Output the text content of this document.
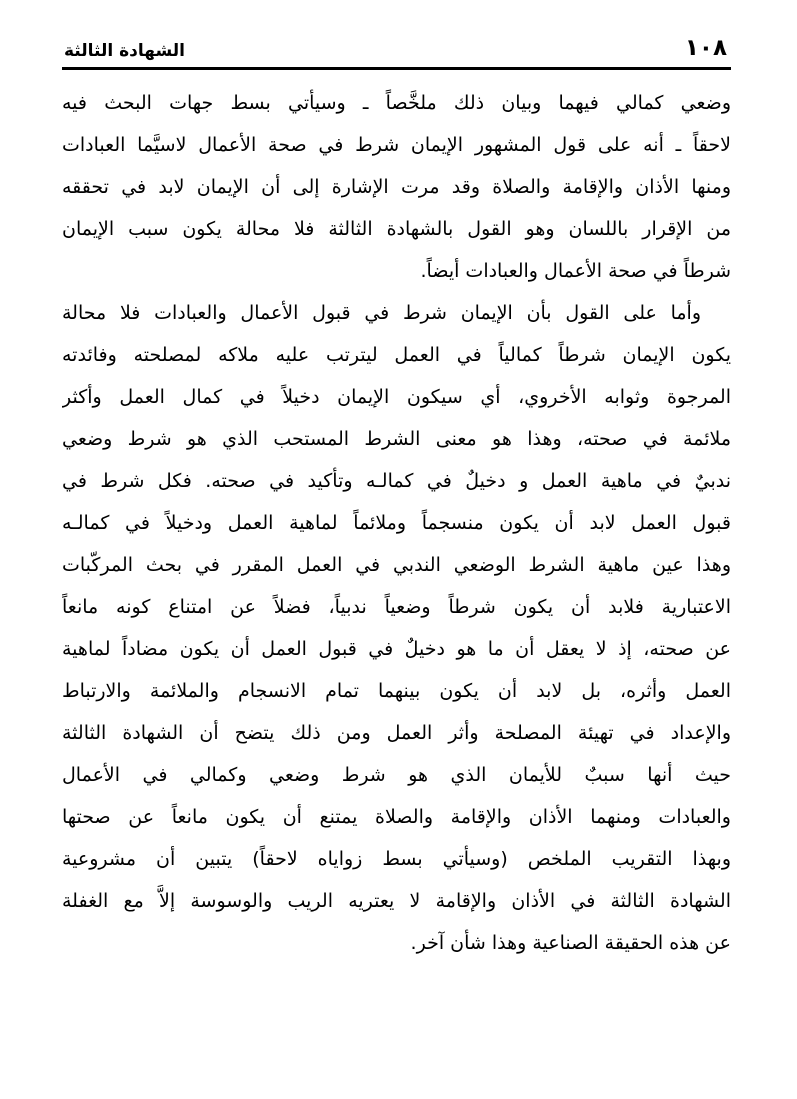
١٠٨
الشهادة الثالثة
وضعي كمالي فيهما وبيان ذلك ملخَّصاً ـ وسيأتي بسط جهات البحث فيه
لاحقاً ـ أنه على قول المشهور الإيمان شرط في صحة الأعمال لاسيَّما العبادات
ومنها الأذان والإقامة والصلاة وقد مرت الإشارة إلى أن الإيمان لابد في تحققه
من الإقرار باللسان وهو القول بالشهادة الثالثة فلا محالة يكون سبب الإيمان
شرطاً في صحة الأعمال والعبادات أيضاً.
وأما على القول بأن الإيمان شرط في قبول الأعمال والعبادات فلا محالة
يكون الإيمان شرطاً كمالياً في العمل ليترتب عليه ملاكه لمصلحته وفائدته
المرجوة وثوابه الأخروي، أي سيكون الإيمان دخيلاً في كمال العمل وأكثر
ملائمة في صحته، وهذا هو معنى الشرط المستحب الذي هو شرط وضعي
ندبيٌ في ماهية العمل و دخيلٌ في كمالـه وتأكيد في صحته. فكل شرط في
قبول العمل لابد أن يكون منسجماً وملائماً لماهية العمل ودخيلاً في كمالـه
وهذا عين ماهية الشرط الوضعي الندبي في العمل المقرر في بحث المركّبات
الاعتبارية فلابد أن يكون شرطاً وضعياً ندبياً، فضلاً عن امتناع كونه مانعاً
عن صحته، إذ لا يعقل أن ما هو دخيلٌ في قبول العمل أن يكون مضاداً لماهية
العمل وأثره، بل لابد أن يكون بينهما تمام الانسجام والملائمة والارتباط
والإعداد في تهيئة المصلحة وأثر العمل ومن ذلك يتضح أن الشهادة الثالثة
حيث أنها سببٌ للأيمان الذي هو شرط وضعي وكمالي في الأعمال
والعبادات ومنهما الأذان والإقامة والصلاة يمتنع أن يكون مانعاً عن صحتها
وبهذا التقريب الملخص (وسيأتي بسط زواياه لاحقاً) يتبين أن مشروعية
الشهادة الثالثة في الأذان والإقامة لا يعتريه الريب والوسوسة إلاَّ مع الغفلة
عن هذه الحقيقة الصناعية وهذا شأن آخر.
